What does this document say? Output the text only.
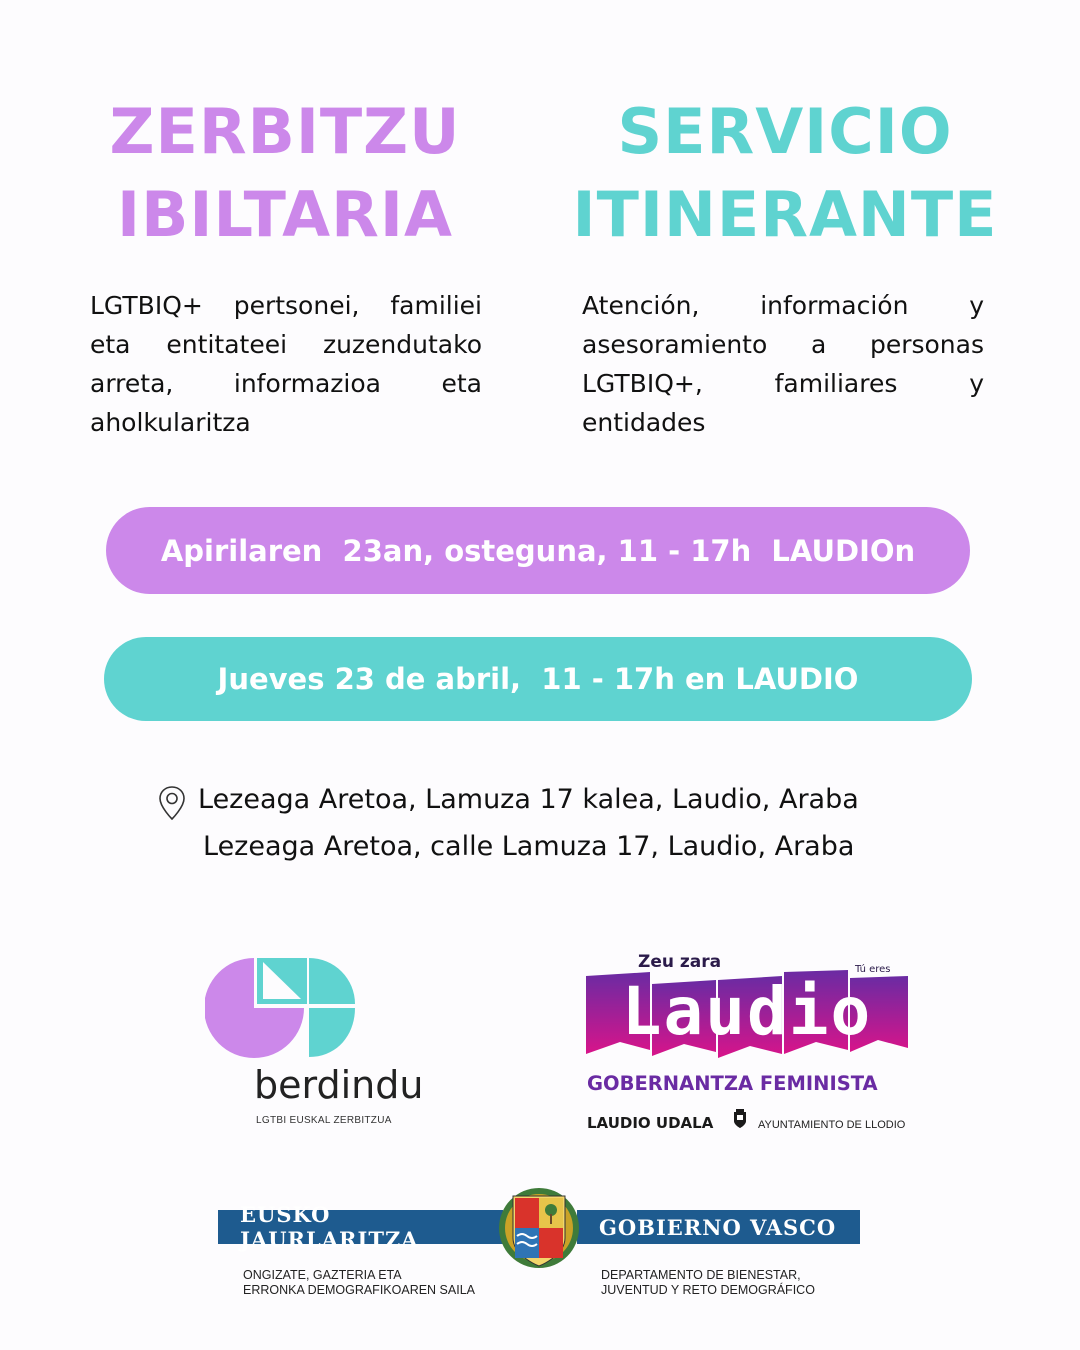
ZERBITZU
IBILTARIA
SERVICIO
ITINERANTE

LGTBIQ+ pertsonei, familiei eta entitateei zuzendutako arreta, informazioa eta aholkularitza

Atención, información y asesoramiento a personas LGTBIQ+, familiares y entidades

Apirilaren  23an, osteguna, 11 - 17h  LAUDIOn
Jueves 23 de abril,  11 - 17h en LAUDIO
Lezeaga Aretoa, Lamuza 17 kalea, Laudio, Araba
Lezeaga Aretoa, calle Lamuza 17, Laudio, Araba
berdindu
LGTBI EUSKAL ZERBITZUA
Zeu zara	Tú eres
Laudio
GOBERNANTZA FEMINISTA
LAUDIO UDALA	AYUNTAMIENTO DE LLODIO
EUSKO JAURLARITZA	GOBIERNO VASCO
ONGIZATE, GAZTERIA ETA
ERRONKA DEMOGRAFIKOAREN SAILA
DEPARTAMENTO DE BIENESTAR,
JUVENTUD Y RETO DEMOGRÁFICO
